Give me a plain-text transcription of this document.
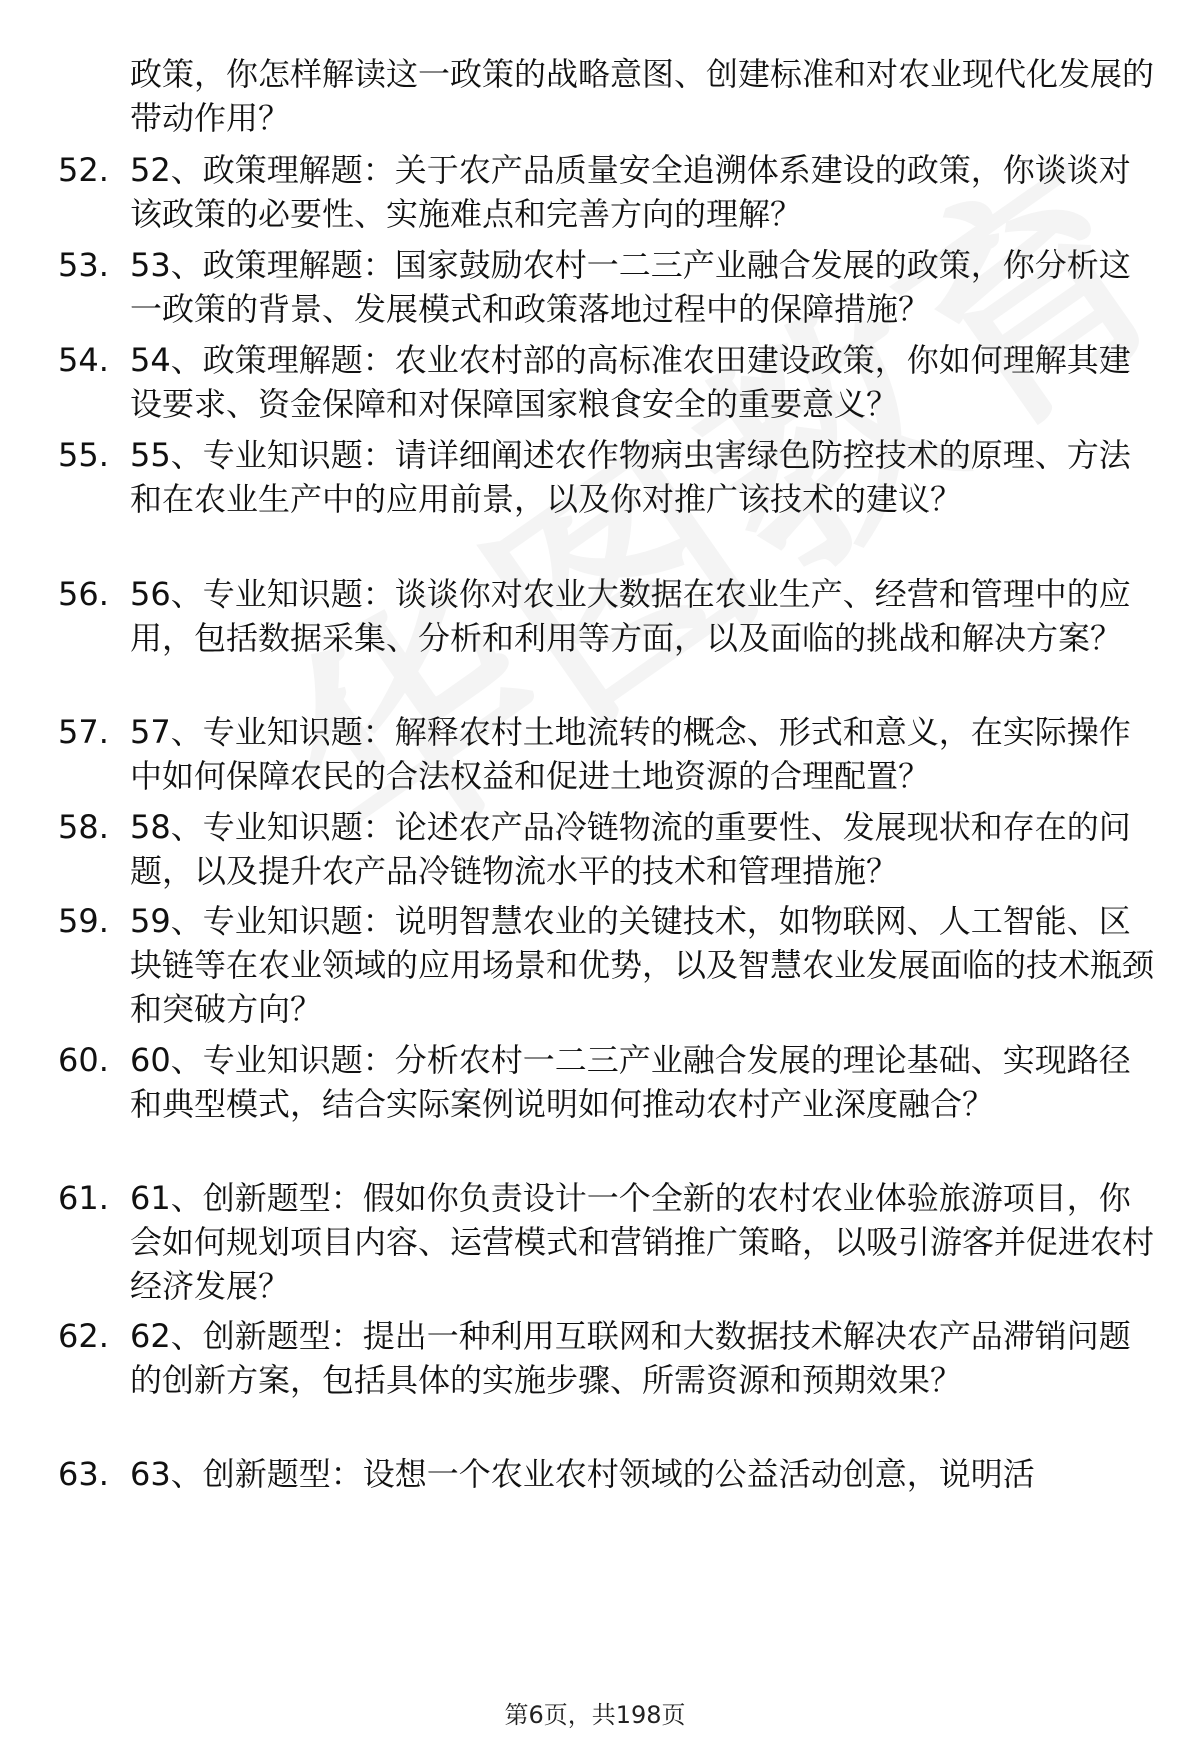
政策，你怎样解读这一政策的战略意图、创建标准和对农业现代化发展的带动作用？
52. 52、政策理解题：关于农产品质量安全追溯体系建设的政策，你谈谈对该政策的必要性、实施难点和完善方向的理解？
53. 53、政策理解题：国家鼓励农村一二三产业融合发展的政策，你分析这一政策的背景、发展模式和政策落地过程中的保障措施？
54. 54、政策理解题：农业农村部的高标准农田建设政策，你如何理解其建设要求、资金保障和对保障国家粮食安全的重要意义？
55. 55、专业知识题：请详细阐述农作物病虫害绿色防控技术的原理、方法和在农业生产中的应用前景，以及你对推广该技术的建议？
56. 56、专业知识题：谈谈你对农业大数据在农业生产、经营和管理中的应用，包括数据采集、分析和利用等方面，以及面临的挑战和解决方案？
57. 57、专业知识题：解释农村土地流转的概念、形式和意义，在实际操作中如何保障农民的合法权益和促进土地资源的合理配置？
58. 58、专业知识题：论述农产品冷链物流的重要性、发展现状和存在的问题，以及提升农产品冷链物流水平的技术和管理措施？
59. 59、专业知识题：说明智慧农业的关键技术，如物联网、人工智能、区块链等在农业领域的应用场景和优势，以及智慧农业发展面临的技术瓶颈和突破方向？
60. 60、专业知识题：分析农村一二三产业融合发展的理论基础、实现路径和典型模式，结合实际案例说明如何推动农村产业深度融合？
61. 61、创新题型：假如你负责设计一个全新的农村农业体验旅游项目，你会如何规划项目内容、运营模式和营销推广策略，以吸引游客并促进农村经济发展？
62. 62、创新题型：提出一种利用互联网和大数据技术解决农产品滞销问题的创新方案，包括具体的实施步骤、所需资源和预期效果？
63. 63、创新题型：设想一个农业农村领域的公益活动创意，说明活
第6页，共198页
